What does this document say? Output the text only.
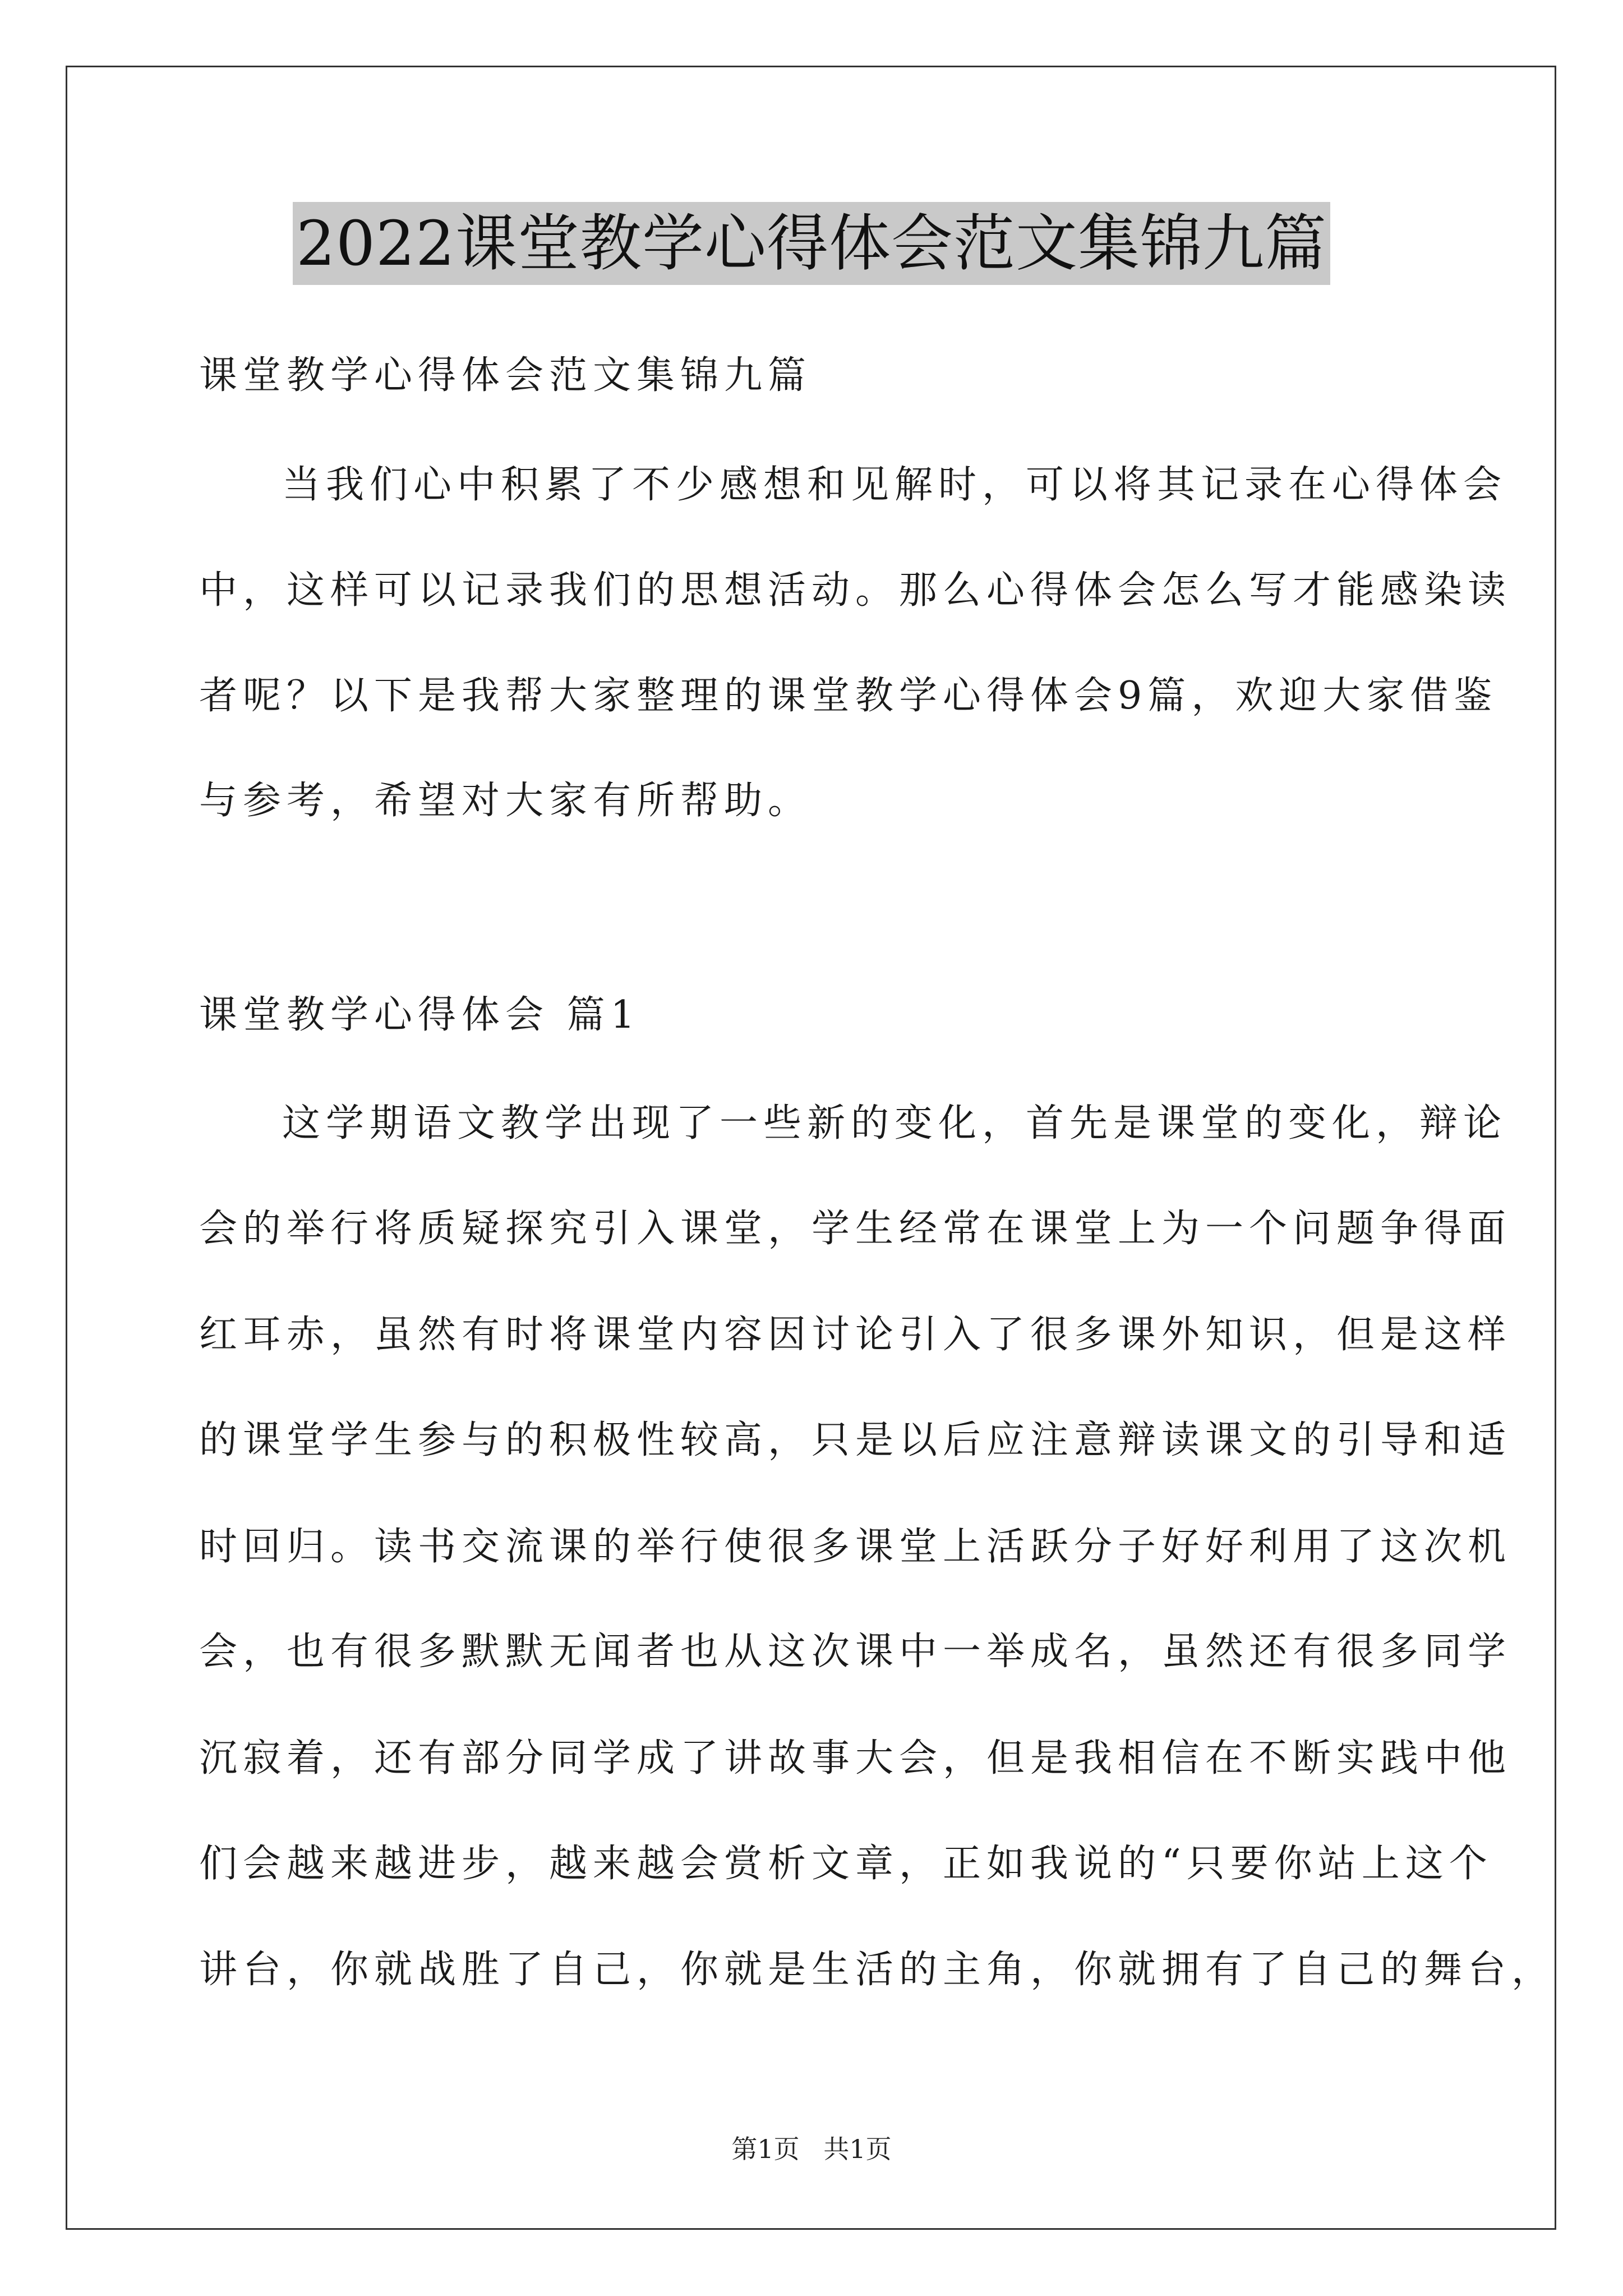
2022课堂教学心得体会范文集锦九篇
课堂教学心得体会范文集锦九篇
当我们心中积累了不少感想和见解时，可以将其记录在心得体会
中，这样可以记录我们的思想活动。那么心得体会怎么写才能感染读
者呢？以下是我帮大家整理的课堂教学心得体会9篇，欢迎大家借鉴
与参考，希望对大家有所帮助。
课堂教学心得体会 篇1
这学期语文教学出现了一些新的变化，首先是课堂的变化，辩论
会的举行将质疑探究引入课堂，学生经常在课堂上为一个问题争得面
红耳赤，虽然有时将课堂内容因讨论引入了很多课外知识，但是这样
的课堂学生参与的积极性较高，只是以后应注意辩读课文的引导和适
时回归。读书交流课的举行使很多课堂上活跃分子好好利用了这次机
会，也有很多默默无闻者也从这次课中一举成名，虽然还有很多同学
沉寂着，还有部分同学成了讲故事大会，但是我相信在不断实践中他
们会越来越进步，越来越会赏析文章，正如我说的“只要你站上这个
讲台，你就战胜了自己，你就是生活的主角，你就拥有了自己的舞台，
第1页 共1页
